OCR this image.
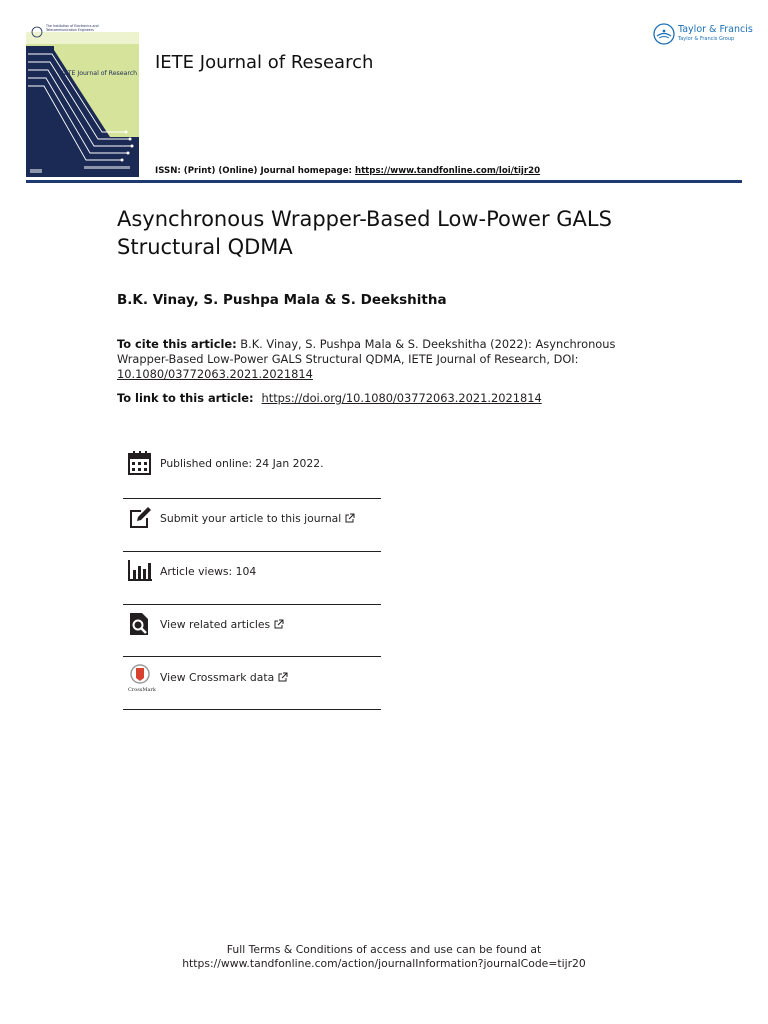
The Institution of Electronics and Telecommunication Engineers
IETE Journal of Research
IETE Journal of Research
ISSN: (Print) (Online) Journal homepage: https://www.tandfonline.com/loi/tijr20
Taylor & Francis
Taylor & Francis Group
Asynchronous Wrapper-Based Low-Power GALS Structural QDMA
B.K. Vinay, S. Pushpa Mala & S. Deekshitha
To cite this article: B.K. Vinay, S. Pushpa Mala & S. Deekshitha (2022): Asynchronous Wrapper-Based Low-Power GALS Structural QDMA, IETE Journal of Research, DOI: 10.1080/03772063.2021.2021814
To link to this article: https://doi.org/10.1080/03772063.2021.2021814
Published online: 24 Jan 2022.
Submit your article to this journal
Article views: 104
View related articles
CrossMark
View Crossmark data
Full Terms & Conditions of access and use can be found at
https://www.tandfonline.com/action/journalInformation?journalCode=tijr20
